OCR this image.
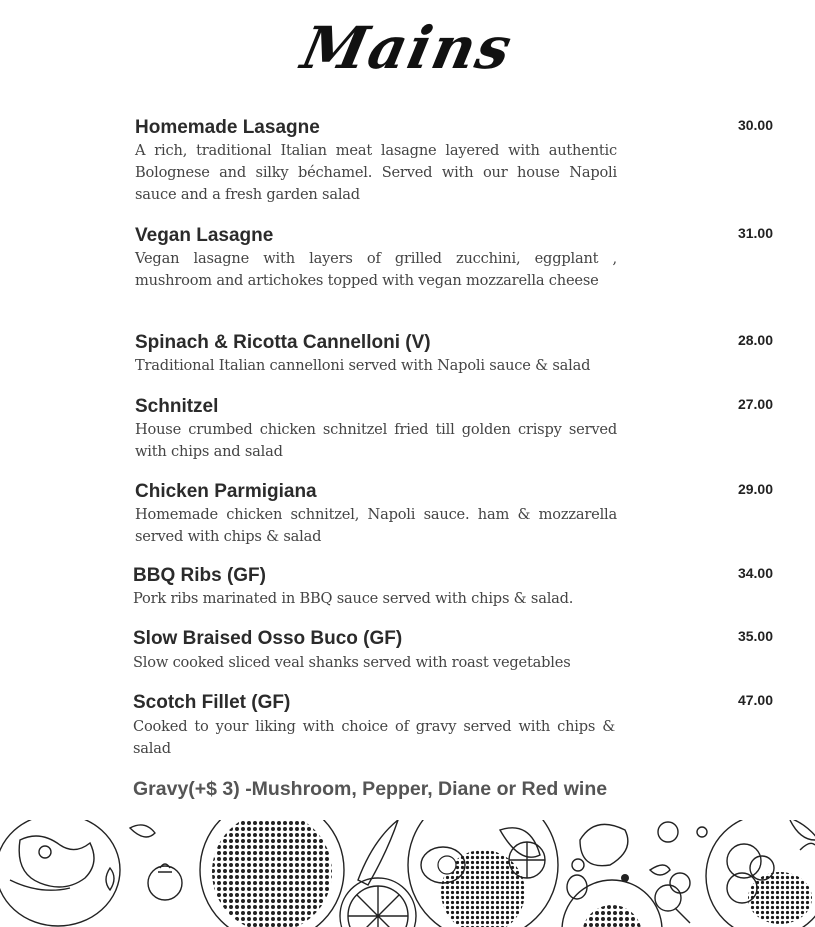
Mains
Homemade Lasagne
A rich, traditional Italian meat lasagne layered with authentic Bolognese and silky béchamel. Served with our house Napoli sauce and a fresh garden salad
30.00
Vegan Lasagne
Vegan lasagne with layers of grilled zucchini, eggplant , mushroom and artichokes topped with vegan mozzarella cheese
31.00
Spinach & Ricotta Cannelloni (V)
Traditional Italian cannelloni served with Napoli sauce & salad
28.00
Schnitzel
House crumbed chicken schnitzel fried till golden crispy served with chips and salad
27.00
Chicken Parmigiana
Homemade chicken schnitzel, Napoli sauce. ham & mozzarella served with chips & salad
29.00
BBQ Ribs (GF)
Pork ribs marinated in BBQ sauce served with chips & salad.
34.00
Slow Braised Osso Buco (GF)
Slow cooked sliced veal shanks served with roast vegetables
35.00
Scotch Fillet (GF)
Cooked to your liking with choice of gravy served with chips & salad
47.00
Gravy(+$ 3) -Mushroom, Pepper, Diane or Red wine
